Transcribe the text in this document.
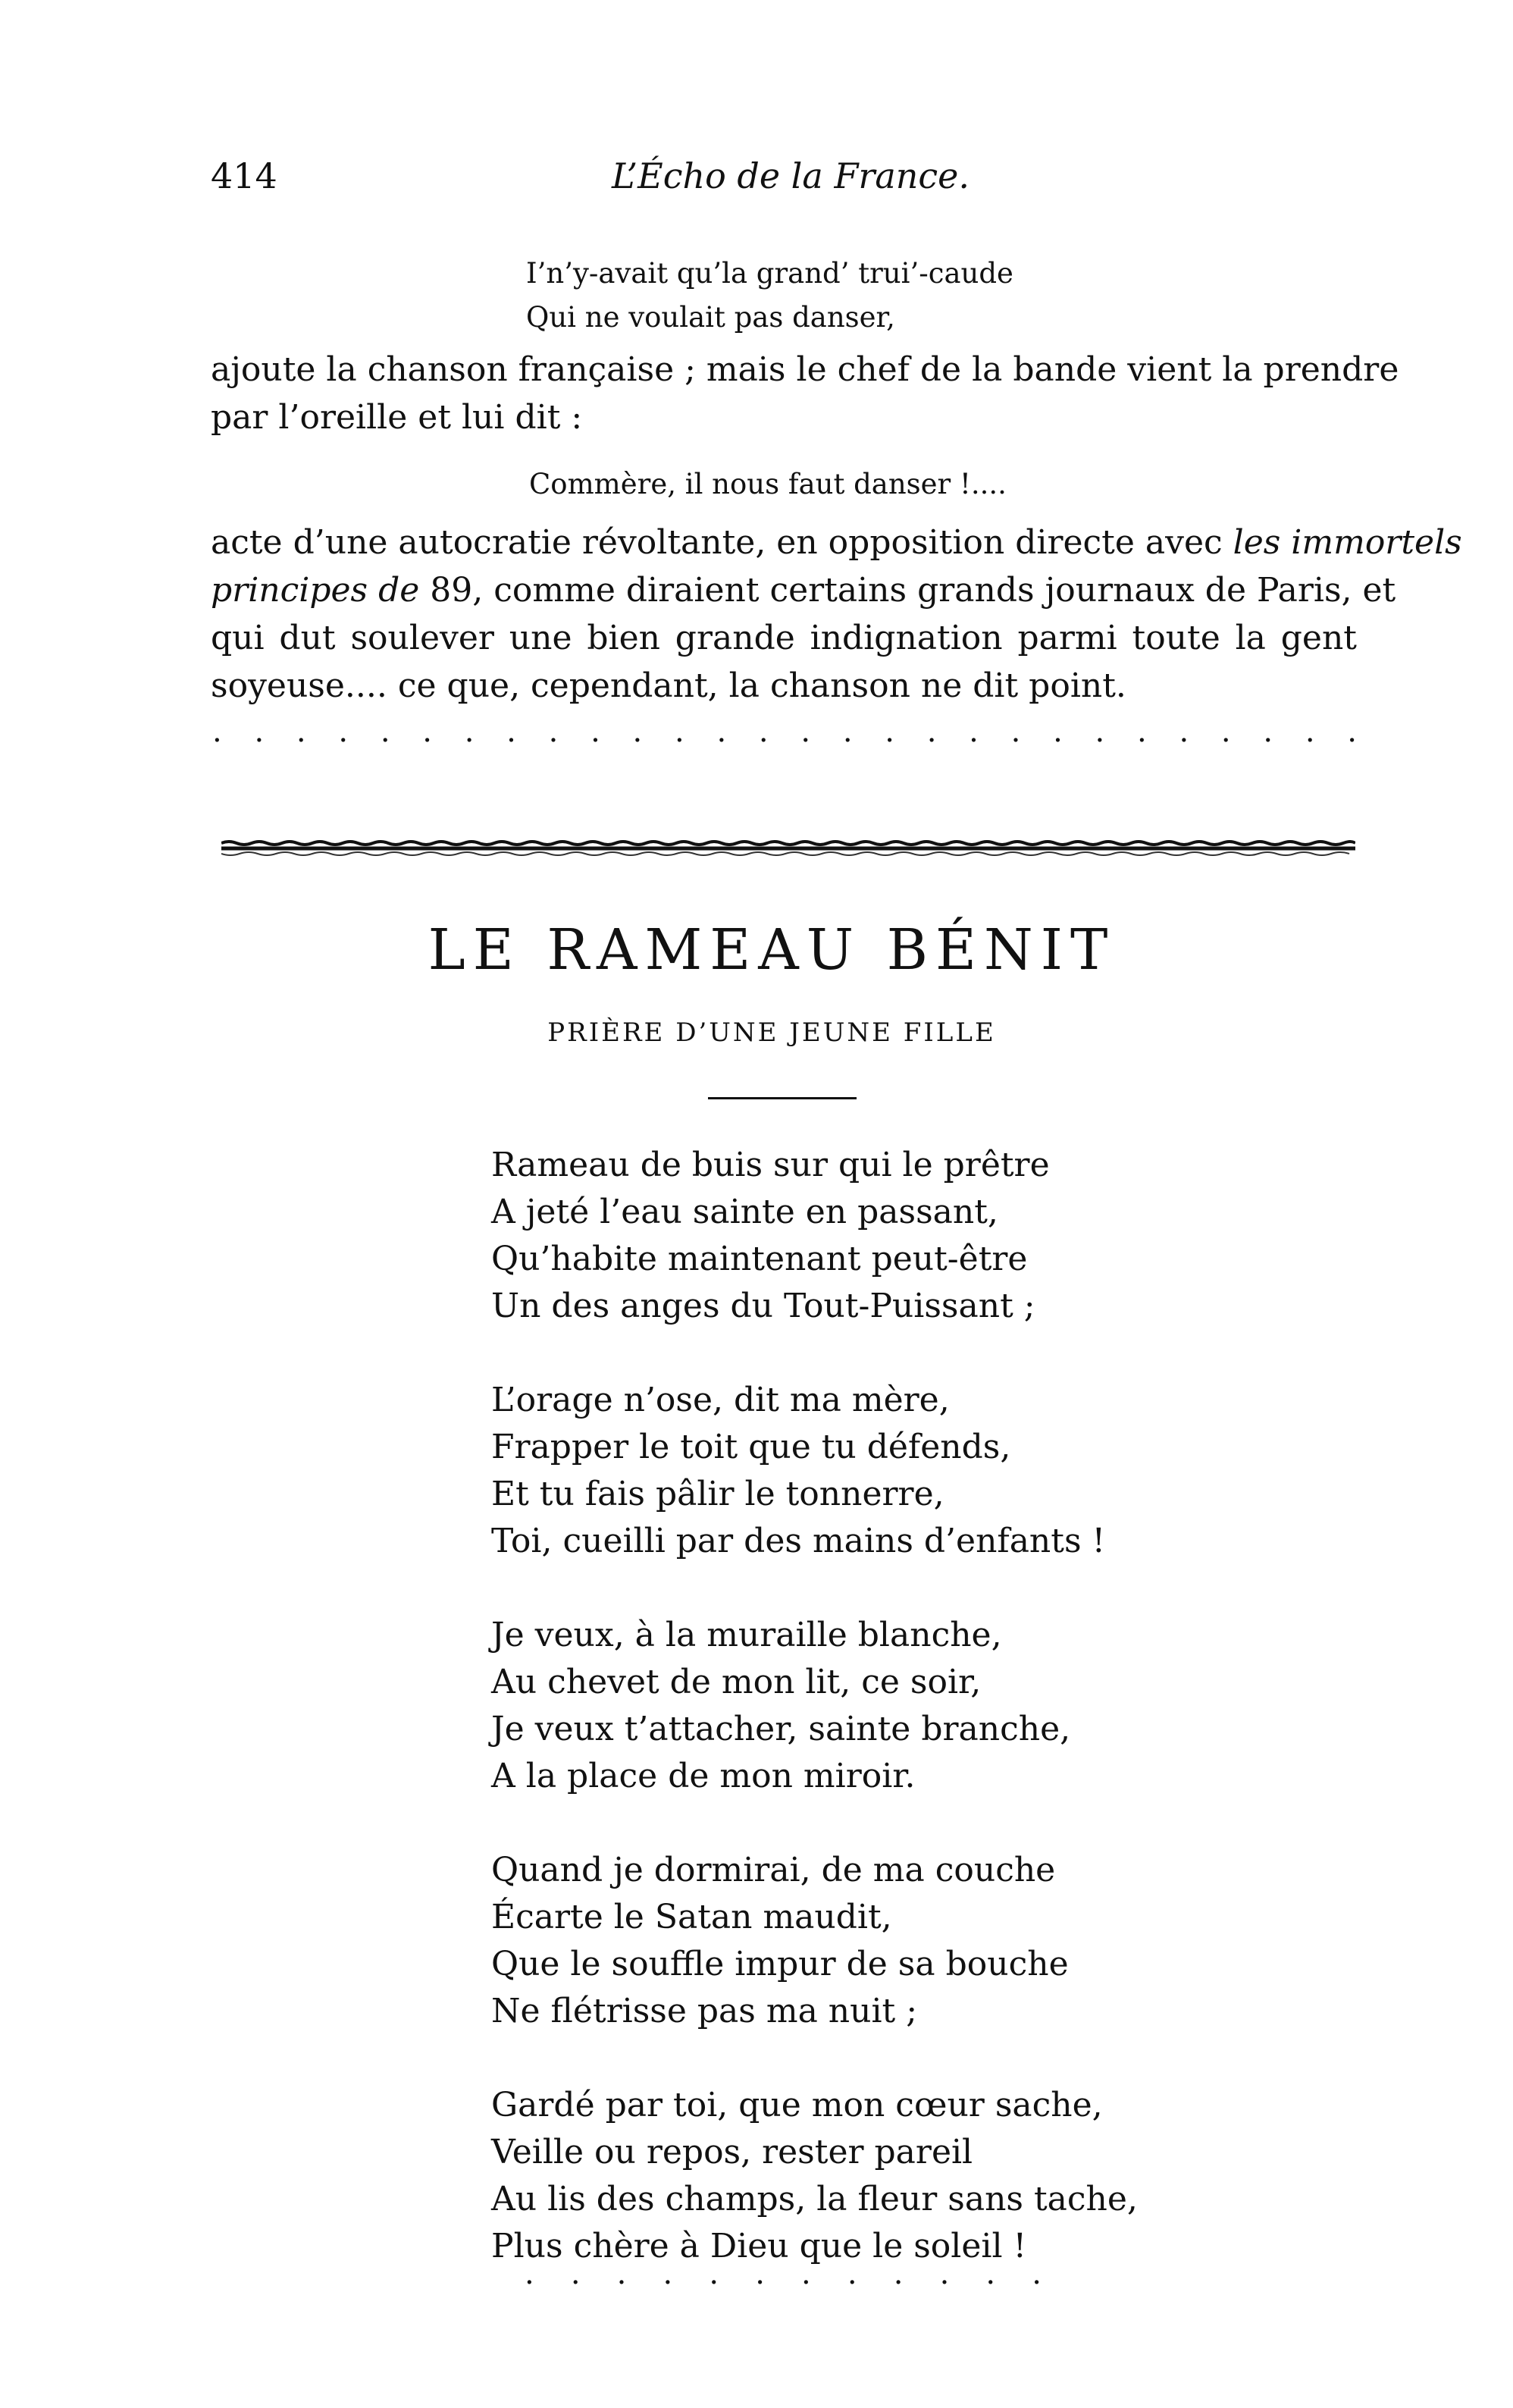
414	L’Écho de la France.
I’n’y-avait qu’la grand’ trui’-caude
Qui ne voulait pas danser,
ajoute la chanson française ; mais le chef de la bande vient la prendre
par l’oreille et lui dit :
Commère, il nous faut danser !....
acte d’une autocratie révoltante, en opposition directe avec les immortels
principes de 89, comme diraient certains grands journaux de Paris, et
qui dut soulever une bien grande indignation parmi toute la gent
soyeuse.... ce que, cependant, la chanson ne dit point.
. . . . . . . . . . . . . . . . . . . . . . . . . . . .
LE RAMEAU BÉNIT
PRIÈRE D’UNE JEUNE FILLE
Rameau de buis sur qui le prêtre
A jeté l’eau sainte en passant,
Qu’habite maintenant peut-être
Un des anges du Tout-Puissant ;
L’orage n’ose, dit ma mère,
Frapper le toit que tu défends,
Et tu fais pâlir le tonnerre,
Toi, cueilli par des mains d’enfants !
Je veux, à la muraille blanche,
Au chevet de mon lit, ce soir,
Je veux t’attacher, sainte branche,
A la place de mon miroir.
Quand je dormirai, de ma couche
Écarte le Satan maudit,
Que le souffle impur de sa bouche
Ne flétrisse pas ma nuit ;
Gardé par toi, que mon cœur sache,
Veille ou repos, rester pareil
Au lis des champs, la fleur sans tache,
Plus chère à Dieu que le soleil !
. . . . . . . . . . . .
